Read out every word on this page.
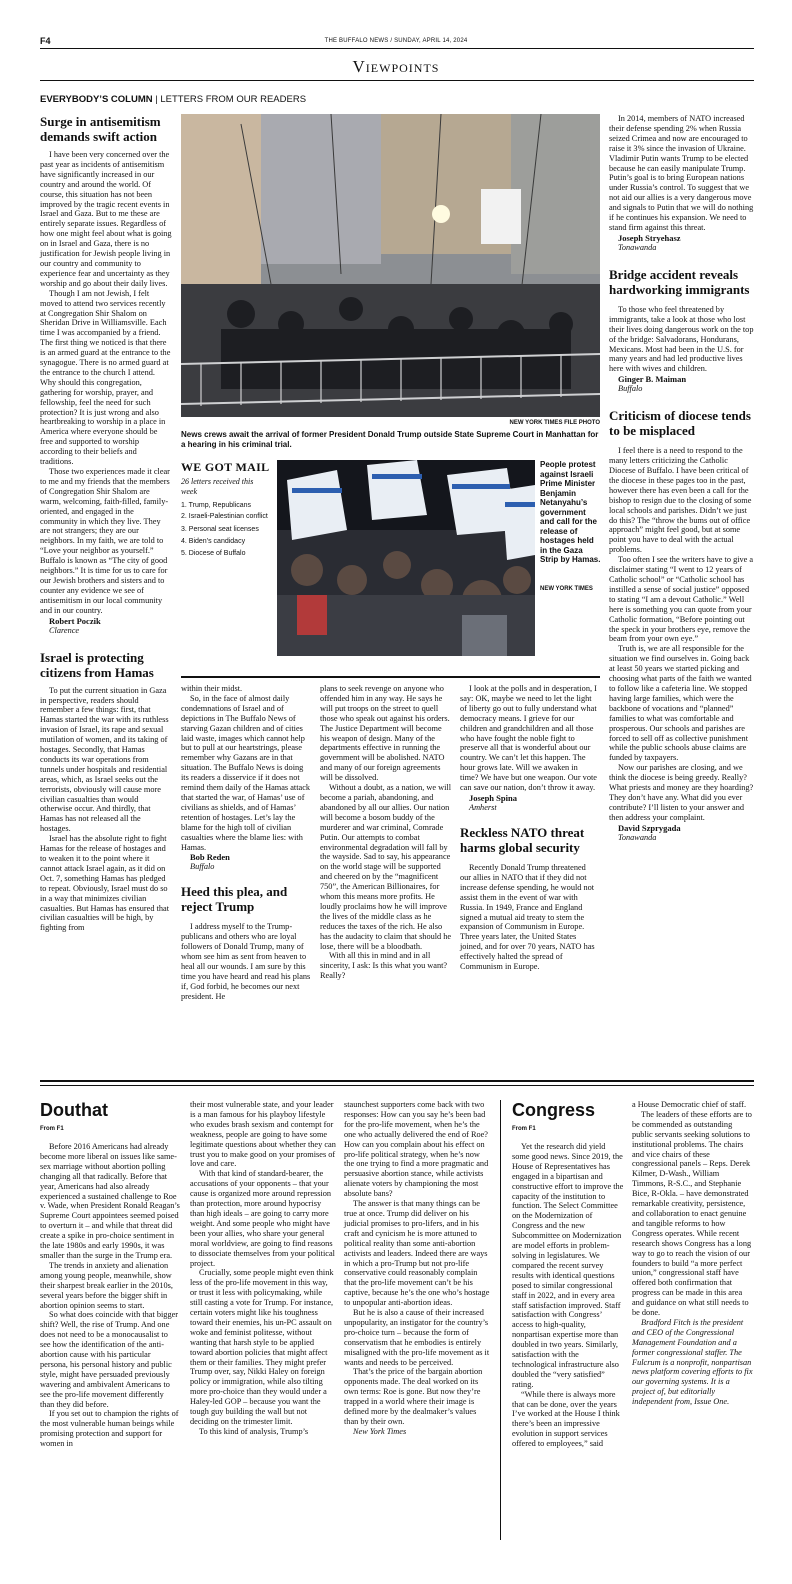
F4	THE BUFFALO NEWS / SUNDAY, APRIL 14, 2024
Viewpoints
EVERYBODY’S COLUMN | LETTERS FROM OUR READERS
Surge in antisemitism demands swift action

I have been very concerned over the past year as incidents of antisemitism have significantly increased in our country and around the world. Of course, this situation has not been improved by the tragic recent events in Israel and Gaza. But to me these are entirely separate issues. Regardless of how one might feel about what is going on in Israel and Gaza, there is no justification for Jewish people living in our country and community to experience fear and uncertainty as they worship and go about their daily lives.

Though I am not Jewish, I felt moved to attend two services recently at Congregation Shir Shalom on Sheridan Drive in Williamsville. Each time I was accompanied by a friend. The first thing we noticed is that there is an armed guard at the entrance to the synagogue. There is no armed guard at the entrance to the church I attend. Why should this congregation, gathering for worship, prayer, and fellowship, feel the need for such protection? It is just wrong and also heartbreaking to worship in a place in America where everyone should be free and supported to worship according to their beliefs and traditions.

Those two experiences made it clear to me and my friends that the members of Congregation Shir Shalom are warm, welcoming, faith-filled, family-oriented, and engaged in the community in which they live. They are not strangers; they are our neighbors. In my faith, we are told to “Love your neighbor as yourself.” Buffalo is known as “The city of good neighbors.” It is time for us to care for our Jewish brothers and sisters and to counter any evidence we see of antisemitism in our local community and in our country.

Robert Poczik
Clarence
Israel is protecting citizens from Hamas

To put the current situation in Gaza in perspective, readers should remember a few things: first, that Hamas started the war with its ruthless invasion of Israel, its rape and sexual mutilation of women, and its taking of hostages. Secondly, that Hamas conducts its war operations from tunnels under hospitals and residential areas, which, as Israel seeks out the terrorists, obviously will cause more civilian casualties than would otherwise occur. And thirdly, that Hamas has not released all the hostages.

Israel has the absolute right to fight Hamas for the release of hostages and to weaken it to the point where it cannot attack Israel again, as it did on Oct. 7, something Hamas has pledged to repeat. Obviously, Israel must do so in a way that minimizes civilian casualties. But Hamas has ensured that civilian casualties will be high, by fighting from

NEW YORK TIMES FILE PHOTO
News crews await the arrival of former President Donald Trump outside State Supreme Court in Manhattan for a hearing in his criminal trial.
WE GOT MAIL
26 letters received this week
1. Trump, Republicans
2. Israeli-Palestinian conflict
3. Personal seat licenses
4. Biden’s candidacy
5. Diocese of Buffalo
People protest against Israeli Prime Minister Benjamin Netanyahu’s government and call for the release of hostages held in the Gaza Strip by Hamas.
NEW YORK TIMES

within their midst.

So, in the face of almost daily condemnations of Israel and of depictions in The Buffalo News of starving Gazan children and of cities laid waste, images which cannot help but to pull at our heartstrings, please remember why Gazans are in that situation. The Buffalo News is doing its readers a disservice if it does not remind them daily of the Hamas attack that started the war, of Hamas’ use of civilians as shields, and of Hamas’ retention of hostages. Let’s lay the blame for the high toll of civilian casualties where the blame lies: with Hamas.

Bob Reden
Buffalo
Heed this plea, and reject Trump

I address myself to the Trump-publicans and others who are loyal followers of Donald Trump, many of whom see him as sent from heaven to heal all our wounds. I am sure by this time you have heard and read his plans if, God forbid, he becomes our next president. He

plans to seek revenge on anyone who offended him in any way. He says he will put troops on the street to quell those who speak out against his orders. The Justice Department will become his weapon of design. Many of the departments effective in running the government will be abolished. NATO and many of our foreign agreements will be dissolved.

Without a doubt, as a nation, we will become a pariah, abandoning, and abandoned by all our allies. Our nation will become a bosom buddy of the murderer and war criminal, Comrade Putin. Our attempts to combat environmental degradation will fall by the wayside. Sad to say, his appearance on the world stage will be supported and cheered on by the “magnificent 750”, the American Billionaires, for whom this means more profits. He loudly proclaims how he will improve the lives of the middle class as he reduces the taxes of the rich. He also has the audacity to claim that should he lose, there will be a bloodbath.

With all this in mind and in all sincerity, I ask: Is this what you want? Really?

I look at the polls and in desperation, I say: OK, maybe we need to let the light of liberty go out to fully understand what democracy means. I grieve for our children and grandchildren and all those who have fought the noble fight to preserve all that is wonderful about our country. We can’t let this happen. The hour grows late. Will we awaken in time? We have but one weapon. Our vote can save our nation, don’t throw it away.

Joseph Spina
Amherst
Reckless NATO threat harms global security

Recently Donald Trump threatened our allies in NATO that if they did not increase defense spending, he would not assist them in the event of war with Russia. In 1949, France and England signed a mutual aid treaty to stem the expansion of Communism in Europe. Three years later, the United States joined, and for over 70 years, NATO has effectively halted the spread of Communism in Europe.

In 2014, members of NATO increased their defense spending 2% when Russia seized Crimea and now are encouraged to raise it 3% since the invasion of Ukraine. Vladimir Putin wants Trump to be elected because he can easily manipulate Trump. Putin’s goal is to bring European nations under Russia’s control. To suggest that we not aid our allies is a very dangerous move and signals to Putin that we will do nothing if he continues his expansion. We need to stand firm against this threat.

Joseph Stryehasz
Tonawanda
Bridge accident reveals hardworking immigrants

To those who feel threatened by immigrants, take a look at those who lost their lives doing dangerous work on the top of the bridge: Salvadorans, Hondurans, Mexicans. Most had been in the U.S. for many years and had led productive lives here with wives and children.

Ginger B. Maiman
Buffalo
Criticism of diocese tends to be misplaced

I feel there is a need to respond to the many letters criticizing the Catholic Diocese of Buffalo. I have been critical of the diocese in these pages too in the past, however there has even been a call for the bishop to resign due to the closing of some local schools and parishes. Didn’t we just do this? The “throw the bums out of office approach” might feel good, but at some point you have to deal with the actual problems.

Too often I see the writers have to give a disclaimer stating “I went to 12 years of Catholic school” or “Catholic school has instilled a sense of social justice” opposed to stating “I am a devout Catholic.” Well here is something you can quote from your Catholic formation, “Before pointing out the speck in your brothers eye, remove the beam from your own eye.”

Truth is, we are all responsible for the situation we find ourselves in. Going back at least 50 years we started picking and choosing what parts of the faith we wanted to follow like a cafeteria line. We stopped having large families, which were the backbone of vocations and “planned” families to what was comfortable and prosperous. Our schools and parishes are forced to sell off as collective punishment while the public schools abuse claims are funded by taxpayers.

Now our parishes are closing, and we think the diocese is being greedy. Really? What priests and money are they hoarding? They don’t have any. What did you ever contribute? I’ll listen to your answer and then address your complaint.

David Szprygada
Tonawanda
Douthat
From F1

Before 2016 Americans had already become more liberal on issues like same-sex marriage without abortion polling changing all that radically. Before that year, Americans had also already experienced a sustained challenge to Roe v. Wade, when President Ronald Reagan’s Supreme Court appointees seemed poised to overturn it – and while that threat did create a spike in pro-choice sentiment in the late 1980s and early 1990s, it was smaller than the surge in the Trump era.

The trends in anxiety and alienation among young people, meanwhile, show their sharpest break earlier in the 2010s, several years before the bigger shift in abortion opinion seems to start.

So what does coincide with that bigger shift? Well, the rise of Trump. And one does not need to be a monocausalist to see how the identification of the anti-abortion cause with his particular persona, his personal history and public style, might have persuaded previously wavering and ambivalent Americans to see the pro-life movement differently than they did before.

If you set out to champion the rights of the most vulnerable human beings while promising protection and support for women in

their most vulnerable state, and your leader is a man famous for his playboy lifestyle who exudes brash sexism and contempt for weakness, people are going to have some legitimate questions about whether they can trust you to make good on your promises of love and care.

With that kind of standard-bearer, the accusations of your opponents – that your cause is organized more around repression than protection, more around hypocrisy than high ideals – are going to carry more weight. And some people who might have been your allies, who share your general moral worldview, are going to find reasons to dissociate themselves from your political project.

Crucially, some people might even think less of the pro-life movement in this way, or trust it less with policymaking, while still casting a vote for Trump. For instance, certain voters might like his toughness toward their enemies, his un-PC assault on woke and feminist politesse, without wanting that harsh style to be applied toward abortion policies that might affect them or their families. They might prefer Trump over, say, Nikki Haley on foreign policy or immigration, while also tilting more pro-choice than they would under a Haley-led GOP – because you want the tough guy building the wall but not deciding on the trimester limit.

To this kind of analysis, Trump’s

staunchest supporters come back with two responses: How can you say he’s been bad for the pro-life movement, when he’s the one who actually delivered the end of Roe? How can you complain about his effect on pro-life political strategy, when he’s now the one trying to find a more pragmatic and persuasive abortion stance, while activists alienate voters by championing the most absolute bans?

The answer is that many things can be true at once. Trump did deliver on his judicial promises to pro-lifers, and in his craft and cynicism he is more attuned to political reality than some anti-abortion activists and leaders. Indeed there are ways in which a pro-Trump but not pro-life conservative could reasonably complain that the pro-life movement can’t be his captive, because he’s the one who’s hostage to unpopular anti-abortion ideas.

But he is also a cause of their increased unpopularity, an instigator for the country’s pro-choice turn – because the form of conservatism that he embodies is entirely misaligned with the pro-life movement as it wants and needs to be perceived.

That’s the price of the bargain abortion opponents made. The deal worked on its own terms: Roe is gone. But now they’re trapped in a world where their image is defined more by the dealmaker’s values than by their own.

New York Times
Congress
From F1

Yet the research did yield some good news. Since 2019, the House of Representatives has engaged in a bipartisan and constructive effort to improve the capacity of the institution to function. The Select Committee on the Modernization of Congress and the new Subcommittee on Modernization are model efforts in problem-solving in legislatures. We compared the recent survey results with identical questions posed to similar congressional staff in 2022, and in every area staff satisfaction improved. Staff satisfaction with Congress’ access to high-quality, nonpartisan expertise more than doubled in two years. Similarly, satisfaction with the technological infrastructure also doubled the “very satisfied” rating.

“While there is always more that can be done, over the years I’ve worked at the House I think there’s been an impressive evolution in support services offered to employees,” said

a House Democratic chief of staff.

The leaders of these efforts are to be commended as outstanding public servants seeking solutions to institutional problems. The chairs and vice chairs of these congressional panels – Reps. Derek Kilmer, D-Wash., William Timmons, R-S.C., and Stephanie Bice, R-Okla. – have demonstrated remarkable creativity, persistence, and collaboration to enact genuine and tangible reforms to how Congress operates. While recent research shows Congress has a long way to go to reach the vision of our founders to build “a more perfect union,” congressional staff have offered both confirmation that progress can be made in this area and guidance on what still needs to be done.

Bradford Fitch is the president and CEO of the Congressional Management Foundation and a former congressional staffer. The Fulcrum is a nonprofit, nonpartisan news platform covering efforts to fix our governing systems. It is a project of, but editorially independent from, Issue One.
